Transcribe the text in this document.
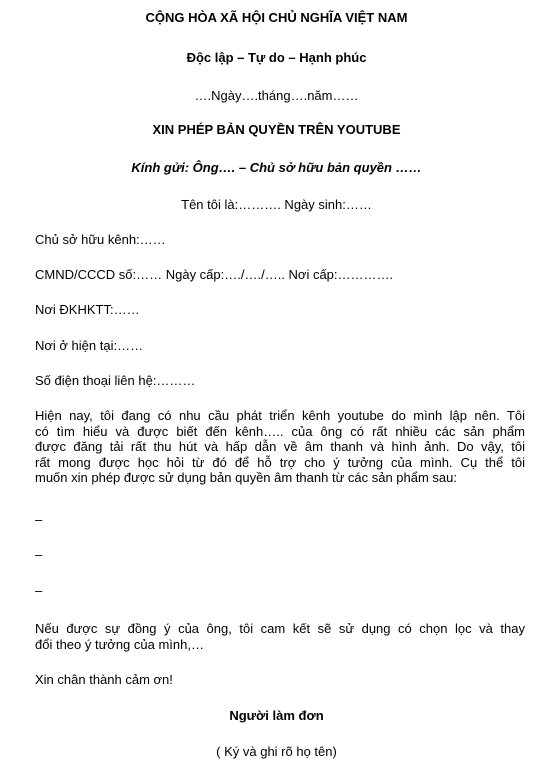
CỘNG HÒA XÃ HỘI CHỦ NGHĨA VIỆT NAM
Độc lập – Tự do – Hạnh phúc
….Ngày….tháng….năm……
XIN PHÉP BẢN QUYỀN TRÊN YOUTUBE
Kính gửi: Ông…. – Chủ sở hữu bản quyền ……
Tên tôi là:………. Ngày sinh:……
Chủ sở hữu kênh:……
CMND/CCCD số:…… Ngày cấp:…./…./….. Nơi cấp:………….
Nơi ĐKHKTT:……
Nơi ở hiện tại:……
Số điện thoại liên hệ:………
Hiện nay, tôi đang có nhu cầu phát triển kênh youtube do mình lập nên. Tôi
có tìm hiểu và được biết đến kênh….. của ông có rất nhiều các sản phẩm
được đăng tải rất thu hút và hấp dẫn về âm thanh và hình ảnh. Do vậy, tôi
rất mong được học hỏi từ đó để hỗ trợ cho ý tưởng của mình. Cụ thể tôi
muốn xin phép được sử dụng bản quyền âm thanh từ các sản phẩm sau:
–
–
–
Nếu được sự đồng ý của ông, tôi cam kết sẽ sử dụng có chọn lọc và thay
đổi theo ý tưởng của mình,…
Xin chân thành cảm ơn!
Người làm đơn
( Ký và ghi rõ họ tên)
